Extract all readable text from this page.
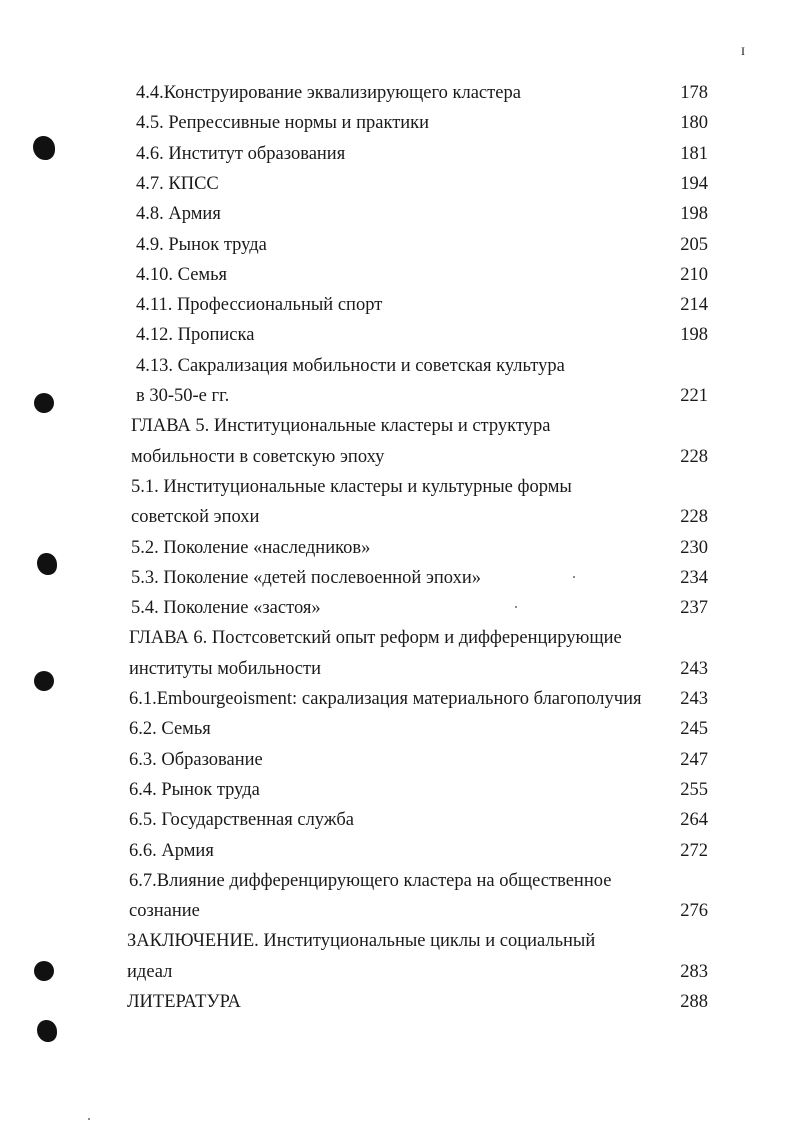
I
4.4.Конструирование эквализирующего кластера	178
4.5. Репрессивные нормы и практики	180
4.6. Институт образования	181
4.7. КПСС	194
4.8. Армия	198
4.9. Рынок труда	205
4.10. Семья	210
4.11. Профессиональный спорт	214
4.12. Прописка	198
4.13. Сакрализация мобильности и советская культура
в 30-50-е гг.	221
ГЛАВА 5. Институциональные кластеры и структура
мобильности в советскую эпоху	228
5.1. Институциональные кластеры и культурные формы
советской эпохи	228
5.2. Поколение «наследников»	230
5.3. Поколение «детей послевоенной эпохи»	234
5.4. Поколение «застоя»	237
ГЛАВА 6. Постсоветский опыт реформ и дифференцирующие
институты мобильности	243
6.1.Embourgeoisment: сакрализация материального благополучия 243
6.2. Семья	245
6.3. Образование	247
6.4. Рынок труда	255
6.5. Государственная служба	264
6.6. Армия	272
6.7.Влияние дифференцирующего кластера на общественное
сознание	276
ЗАКЛЮЧЕНИЕ. Институциональные циклы и социальный
идеал	283
ЛИТЕРАТУРА	288
